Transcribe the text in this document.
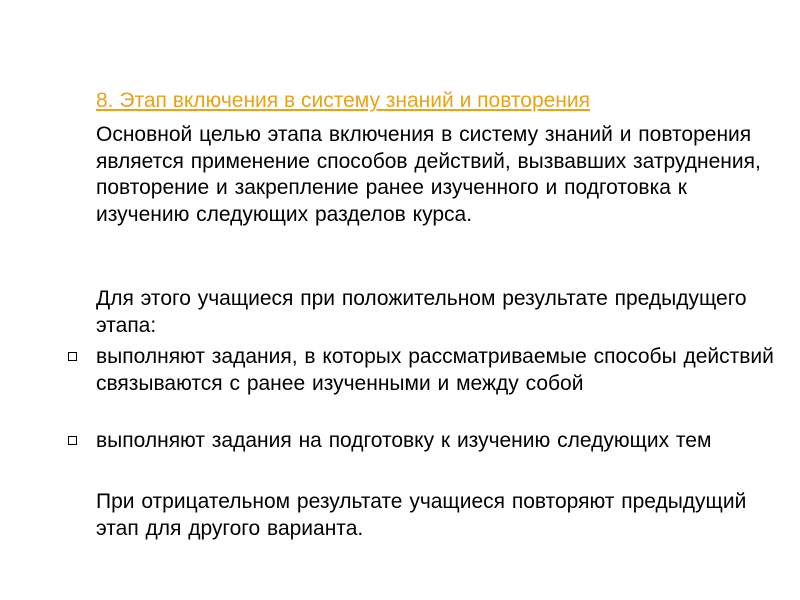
8. Этап включения в систему знаний и повторения
Основной целью этапа включения в систему знаний и повторения является применение способов действий, вызвавших затруднения, повторение и закрепление ранее изученного и подготовка к изучению следующих разделов курса.
Для этого учащиеся при положительном результате предыдущего этапа:
выполняют задания, в которых рассматриваемые способы действий связываются с ранее изученными и между собой
выполняют задания на подготовку к изучению следующих тем
При отрицательном результате учащиеся повторяют предыдущий этап для другого варианта.
